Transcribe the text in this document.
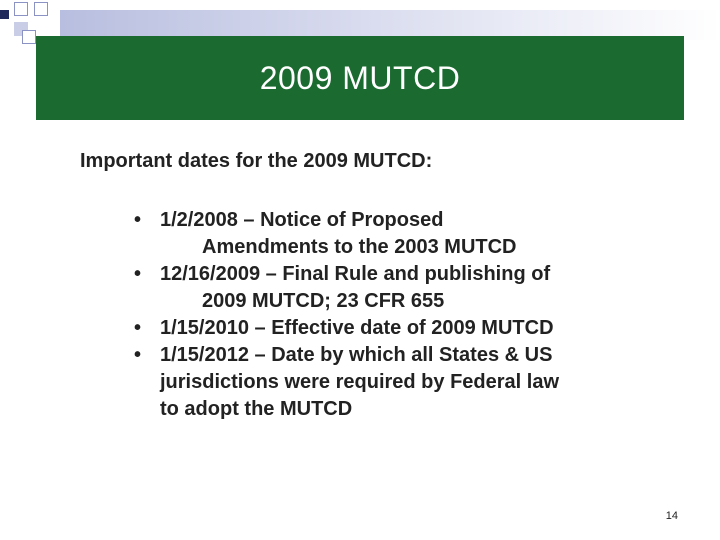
2009 MUTCD
Important dates for the 2009 MUTCD:
• 1/2/2008 – Notice of Proposed
Amendments to the 2003 MUTCD
• 12/16/2009 – Final Rule and publishing of
2009 MUTCD; 23 CFR 655
• 1/15/2010 – Effective date of 2009 MUTCD
• 1/15/2012 – Date by which all States & US
jurisdictions were required by Federal law
to adopt the MUTCD
14
